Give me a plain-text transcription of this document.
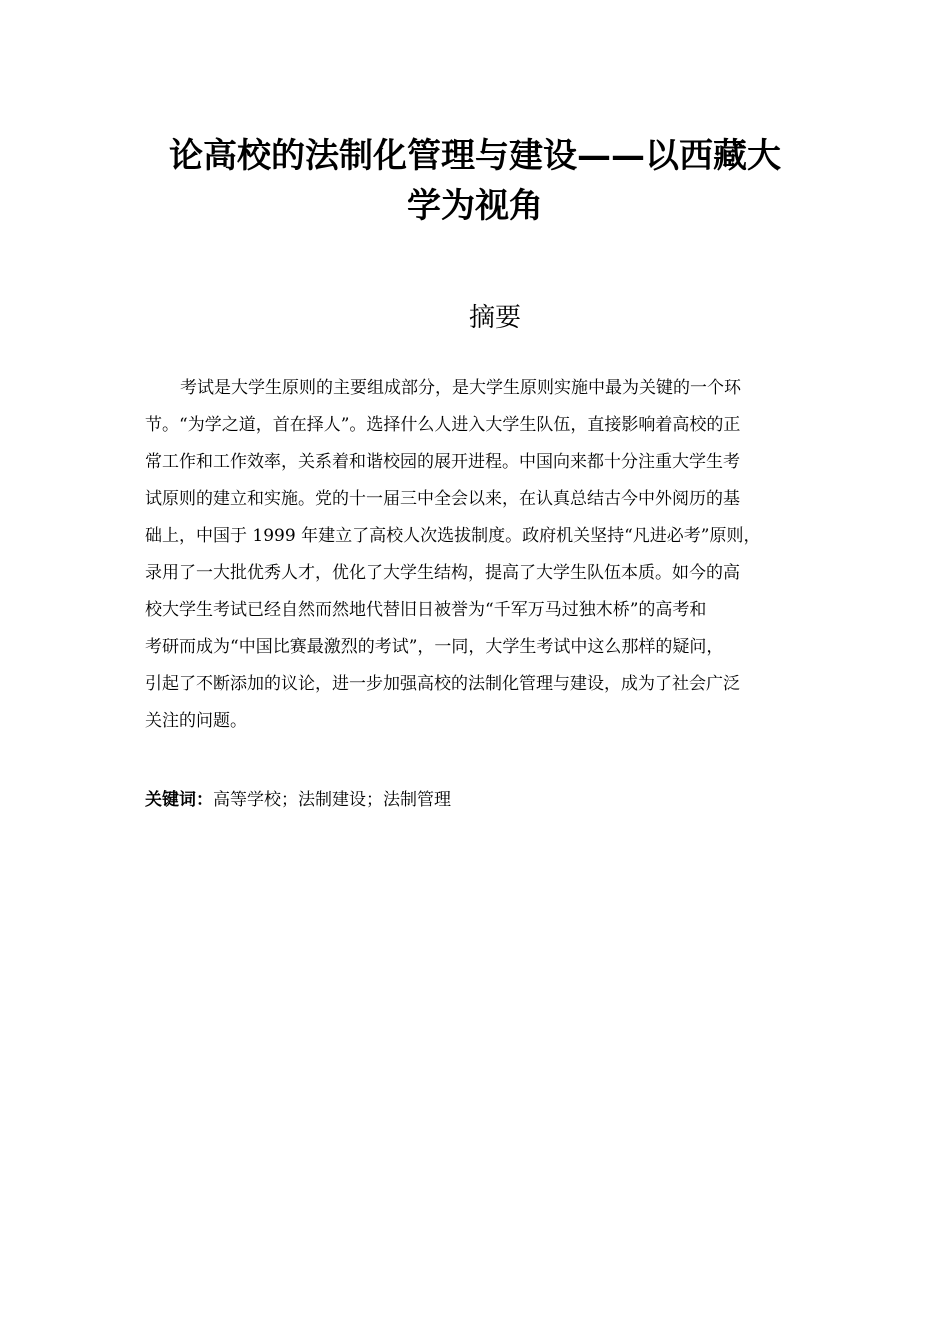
论高校的法制化管理与建设——以西藏大
学为视角
摘要
考试是大学生原则的主要组成部分，是大学生原则实施中最为关键的一个环
节。“为学之道，首在择人”。选择什么人进入大学生队伍，直接影响着高校的正
常工作和工作效率，关系着和谐校园的展开进程。中国向来都十分注重大学生考
试原则的建立和实施。党的十一届三中全会以来，在认真总结古今中外阅历的基
础上，中国于 1999 年建立了高校人次选拔制度。政府机关坚持“凡进必考”原则，
录用了一大批优秀人才，优化了大学生结构，提高了大学生队伍本质。如今的高
校大学生考试已经自然而然地代替旧日被誉为“千军万马过独木桥”的高考和
考研而成为“中国比赛最激烈的考试”，一同，大学生考试中这么那样的疑问，
引起了不断添加的议论，进一步加强高校的法制化管理与建设，成为了社会广泛
关注的问题。
关键词：高等学校；法制建设；法制管理
